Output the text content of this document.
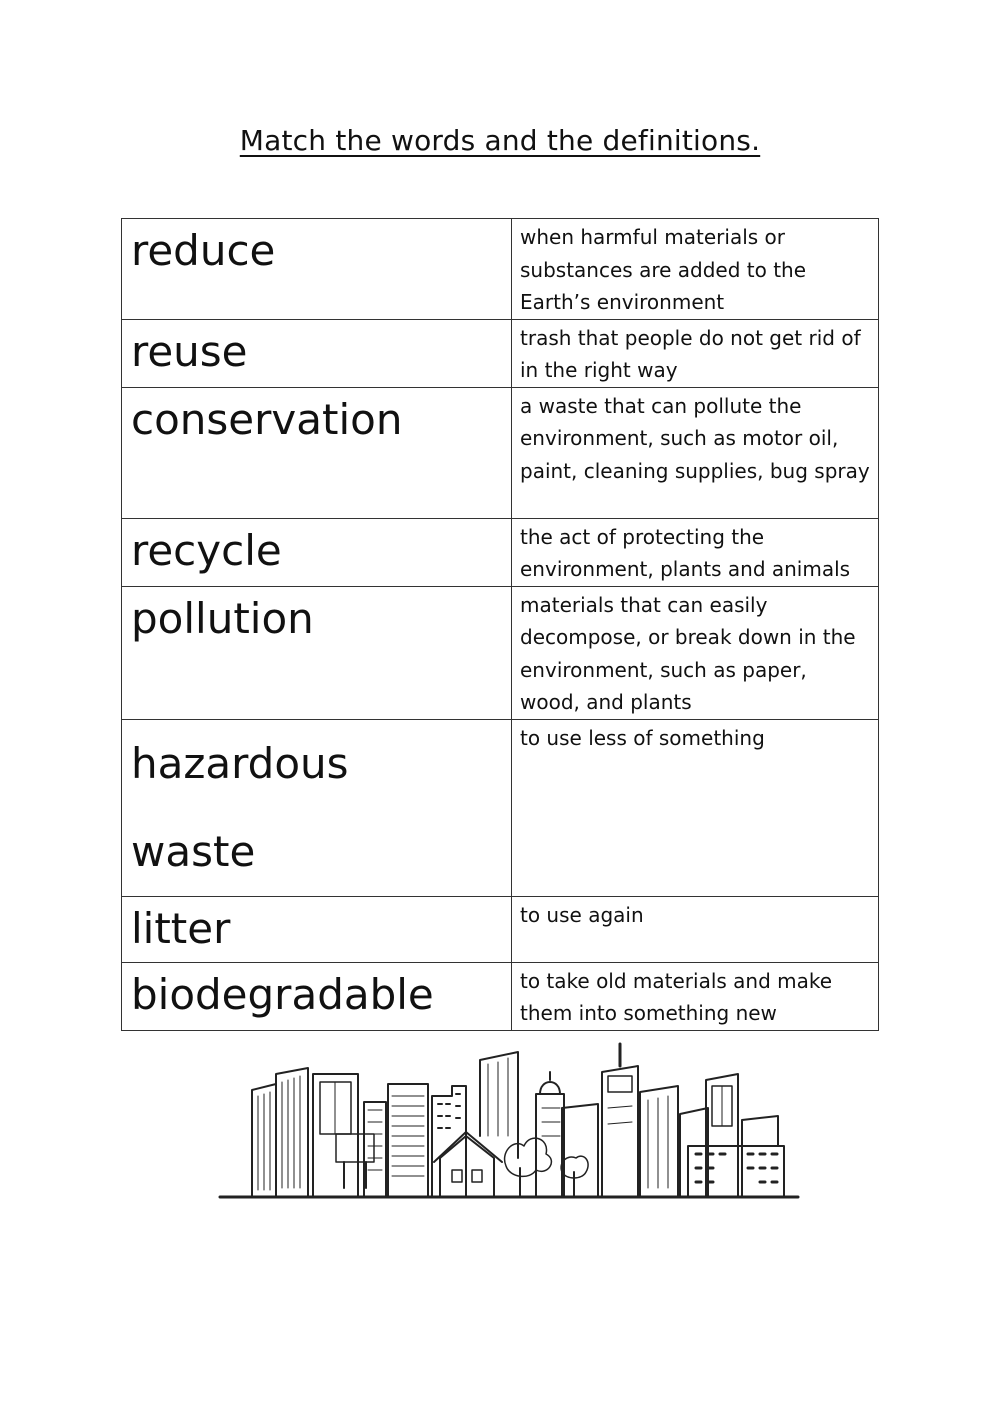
Match the words and the definitions.
reduce	when harmful materials or substances are added to the Earth’s environment

reuse	trash that people do not get rid of in the right way

conservation	a waste that can pollute the environment, such as motor oil, paint, cleaning supplies, bug spray

recycle	the act of protecting the environment, plants and animals

pollution	materials that can easily decompose, or break down in the environment, such as paper, wood, and plants

hazardous
waste	to use less of something

litter	to use again

biodegradable	to take old materials and make them into something new
